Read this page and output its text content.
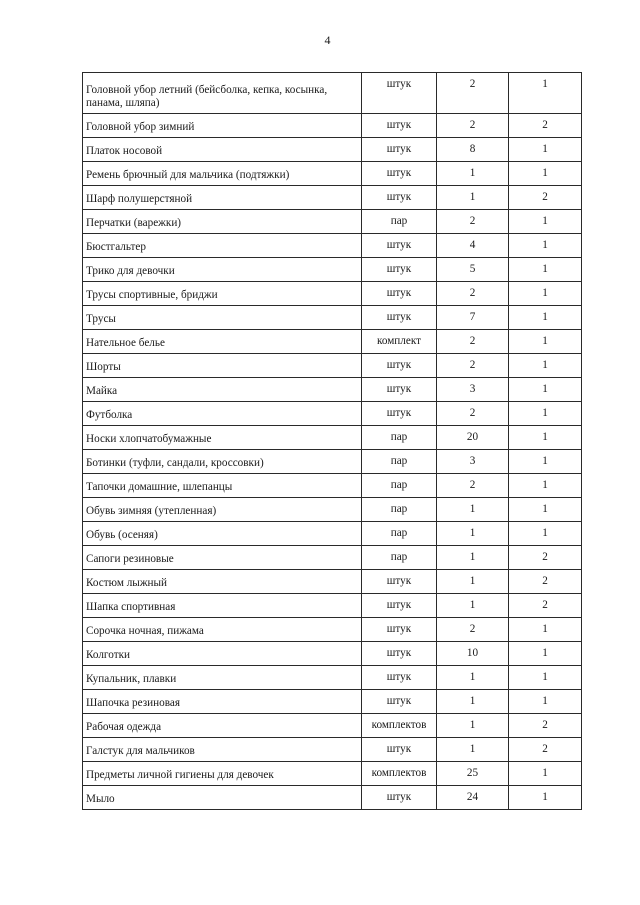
4
Головной убор летний (бейсболка, кепка, косынка, панама, шляпа)	штук	2	1
Головной убор зимний	штук	2	2
Платок носовой	штук	8	1
Ремень брючный для мальчика (подтяжки)	штук	1	1
Шарф полушерстяной	штук	1	2
Перчатки (варежки)	пар	2	1
Бюстгальтер	штук	4	1
Трико для девочки	штук	5	1
Трусы спортивные, бриджи	штук	2	1
Трусы	штук	7	1
Нательное белье	комплект	2	1
Шорты	штук	2	1
Майка	штук	3	1
Футболка	штук	2	1
Носки хлопчатобумажные	пар	20	1
Ботинки (туфли, сандали, кроссовки)	пар	3	1
Тапочки домашние, шлепанцы	пар	2	1
Обувь зимняя (утепленная)	пар	1	1
Обувь (осеняя)	пар	1	1
Сапоги резиновые	пар	1	2
Костюм лыжный	штук	1	2
Шапка спортивная	штук	1	2
Сорочка ночная, пижама	штук	2	1
Колготки	штук	10	1
Купальник, плавки	штук	1	1
Шапочка резиновая	штук	1	1
Рабочая одежда	комплектов	1	2
Галстук для мальчиков	штук	1	2
Предметы личной гигиены для девочек	комплектов	25	1
Мыло	штук	24	1
